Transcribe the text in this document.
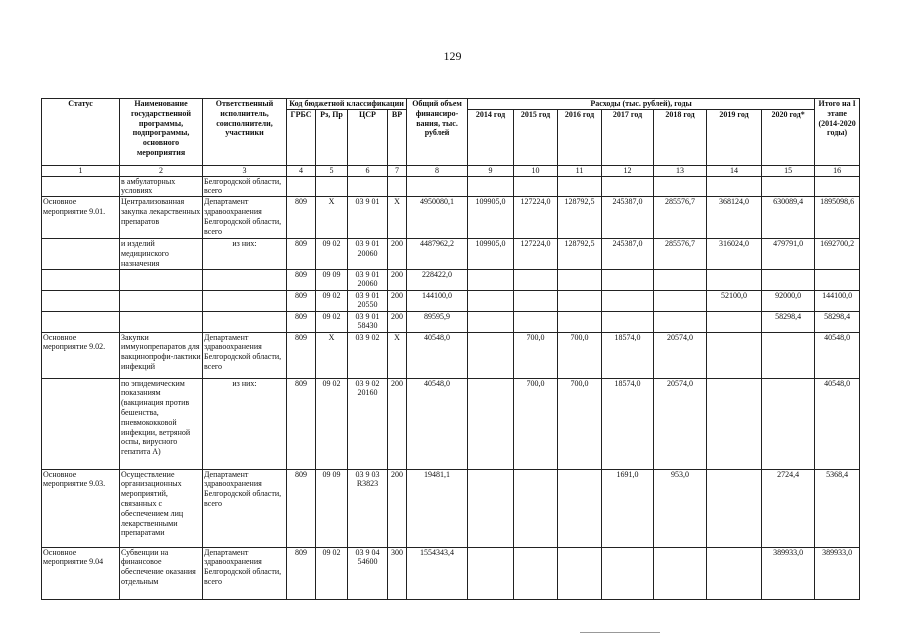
129
Статус	Наименование государственной программы, подпрограммы, основного мероприятия	Ответственный исполнитель, соисполнители, участники	Код бюджетной классификации				Общий объем финансиро-вания, тыс. рублей	Расходы (тыс. рублей), годы							Итого на I этапе (2014-2020 годы)
			ГРБС	Рз, Пр	ЦСР	ВР		2014 год	2015 год	2016 год	2017 год	2018 год	2019 год	2020 год*	
1	2	3	4	5	6	7	8	9	10	11	12	13	14	15	16
	в амбулаторных условиях	Белгородской области, всего													
Основное мероприятие 9.01.	Централизованная закупка лекарственных препаратов	Департамент здравоохранения Белгородской области, всего	809	Х	03 9 01	Х	4950080,1	109905,0	127224,0	128792,5	245387,0	285576,7	368124,0	630089,4	1895098,6
	и изделий медицинского назначения	из них:	809	09 02	03 9 01 20060	200	4487962,2	109905,0	127224,0	128792,5	245387,0	285576,7	316024,0	479791,0	1692700,2
			809	09 09	03 9 01 20060	200	228422,0								
			809	09 02	03 9 01 20550	200	144100,0						52100,0	92000,0	144100,0
			809	09 02	03 9 01 58430	200	89595,9							58298,4	58298,4
Основное мероприятие 9.02.	Закупки иммунопрепаратов для вакцинопрофи-лактики инфекций	Департамент здравоохранения Белгородской области, всего	809	Х	03 9 02	Х	40548,0		700,0	700,0	18574,0	20574,0			40548,0
	по эпидемическим показаниям (вакцинация против бешенства, пневмококковой инфекции, ветряной оспы, вирусного гепатита А)	из них:	809	09 02	03 9 02 20160	200	40548,0		700,0	700,0	18574,0	20574,0			40548,0
Основное мероприятие 9.03.	Осуществление организационных мероприятий, связанных с обеспечением лиц лекарственными препаратами	Департамент здравоохранения Белгородской области, всего	809	09 09	03 9 03 R3823	200	19481,1				1691,0	953,0		2724,4	5368,4
Основное мероприятие 9.04	Субвенции на финансовое обеспечение оказания отдельным	Департамент здравоохранения Белгородской области, всего	809	09 02	03 9 04 54600	300	1554343,4							389933,0	389933,0
